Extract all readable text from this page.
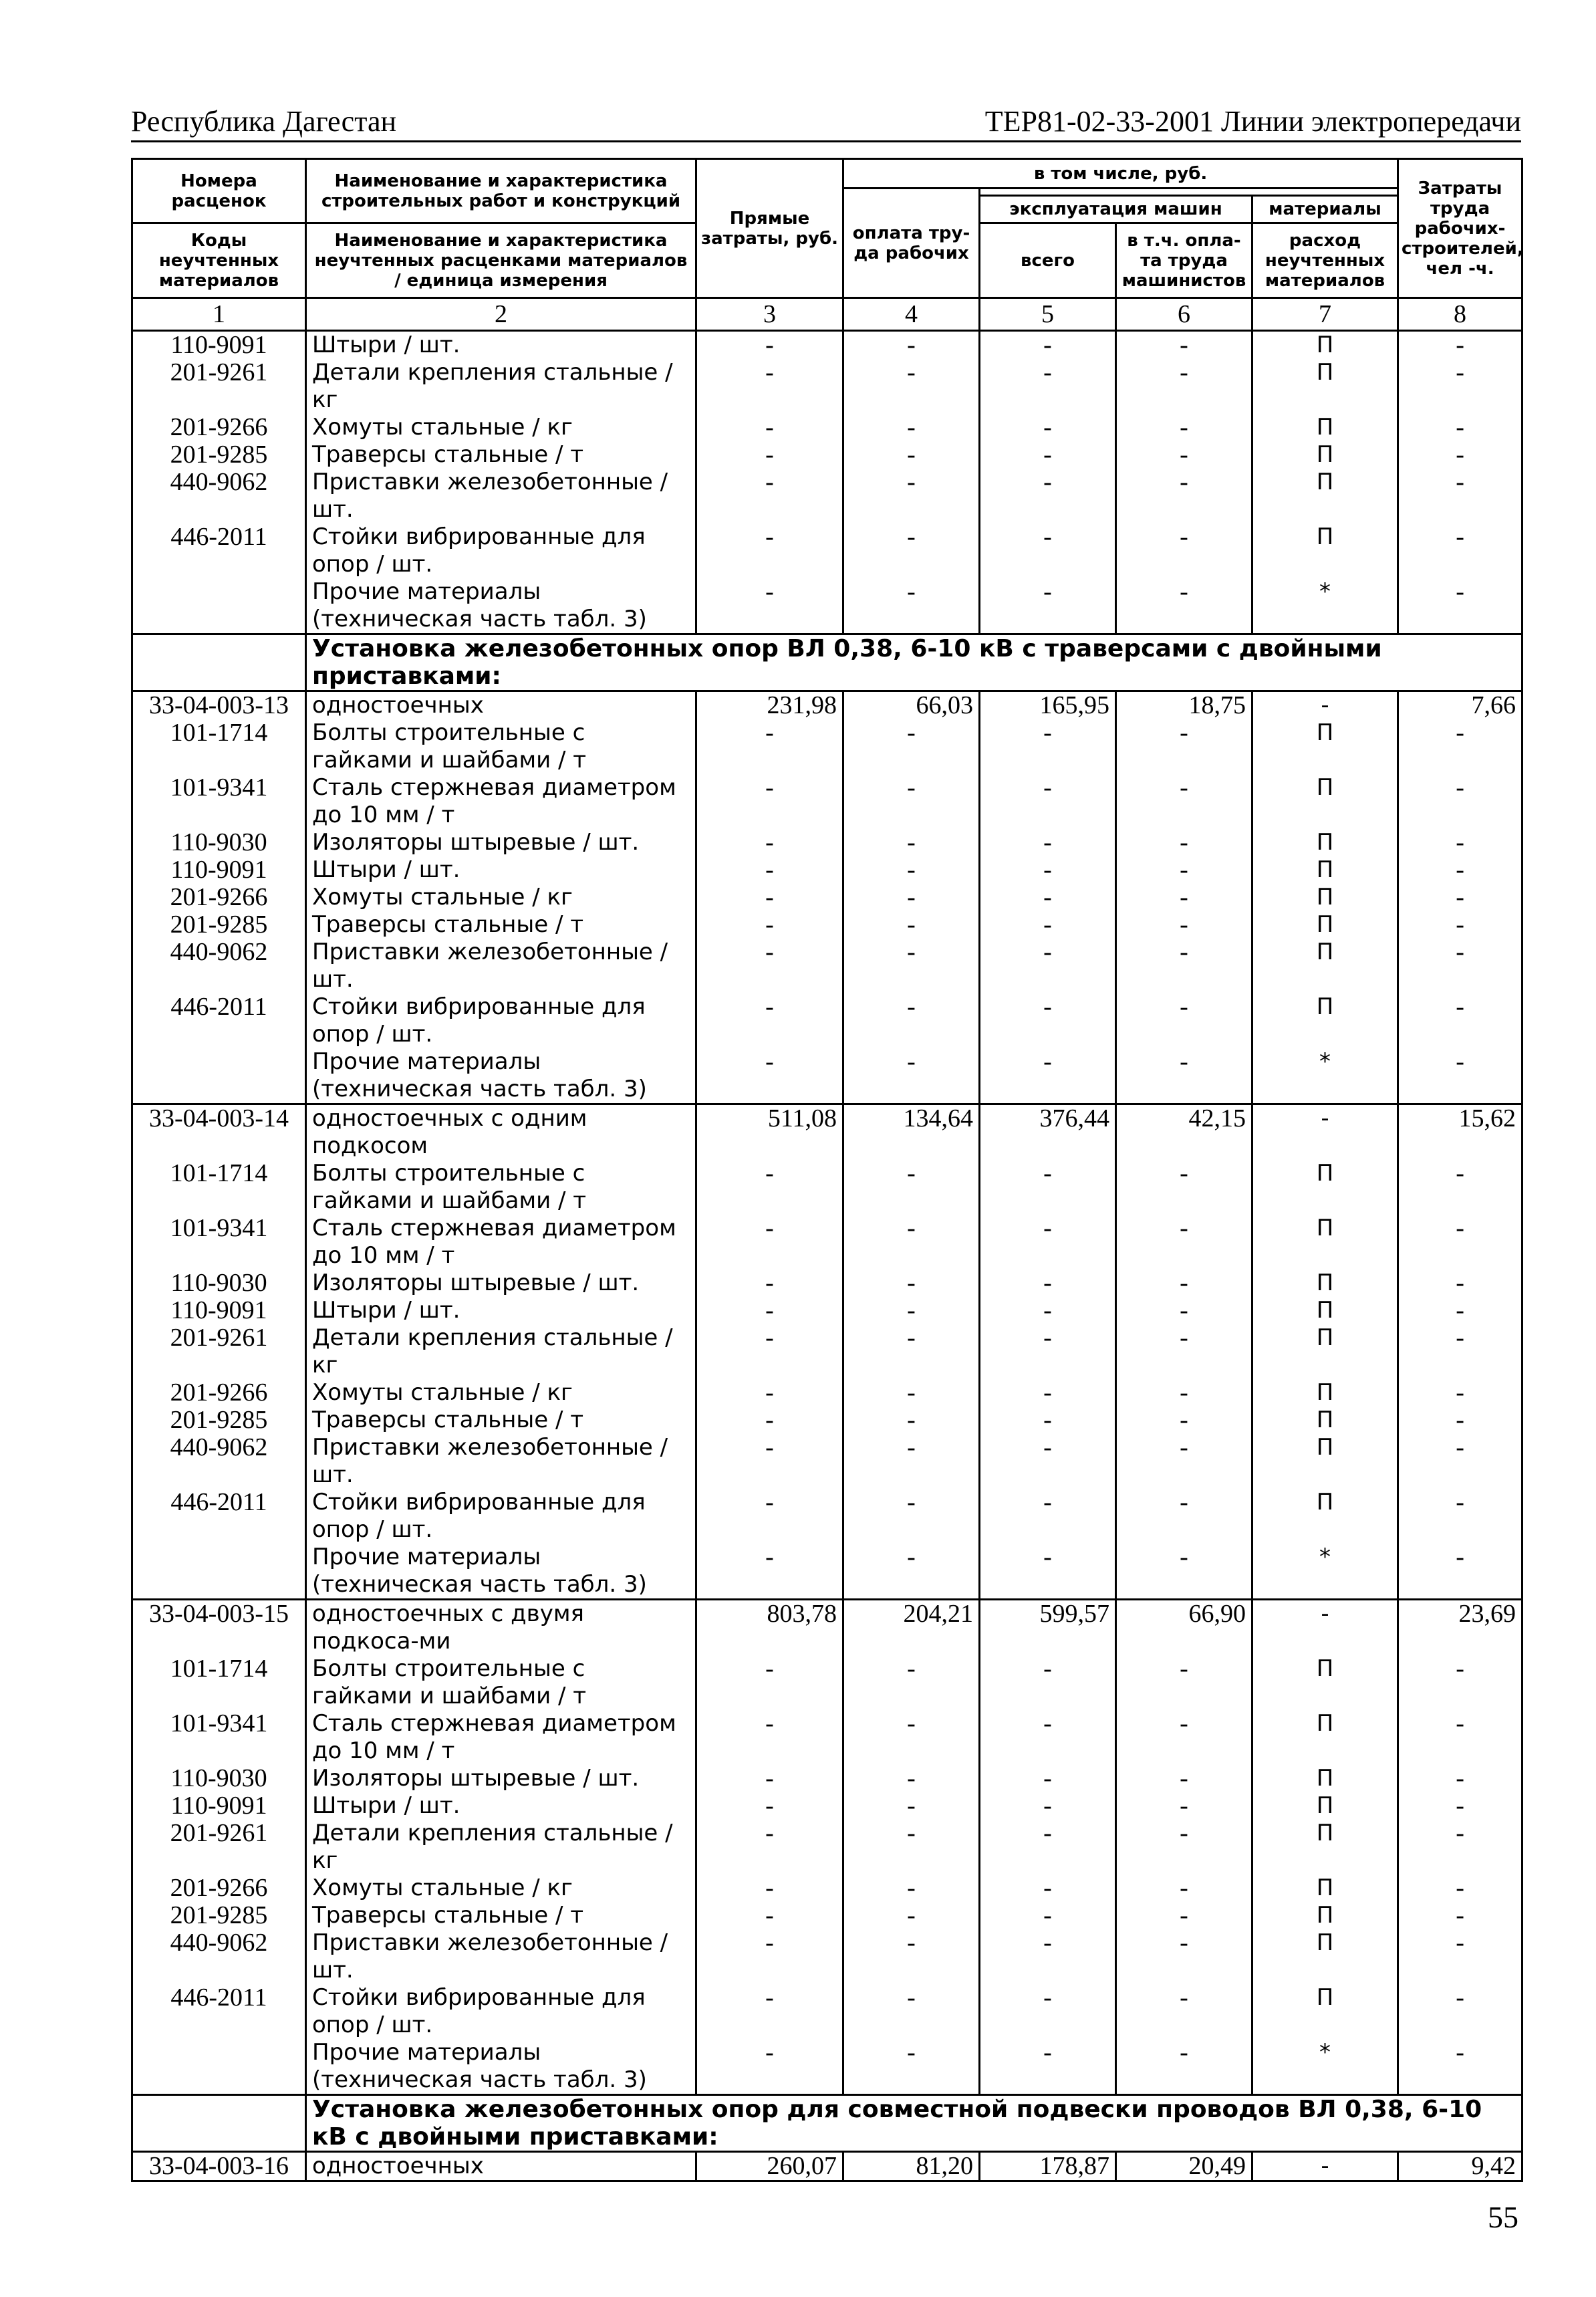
Республика Дагестан	ТЕР81-02-33-2001 Линии электропередачи
Номера расценок	Наименование и характеристика строительных работ и конструкций	Прямые затраты, руб.	в том числе, руб.				Затраты труда рабочих-строителей, чел -ч.
			оплата тру-да рабочих				
				эксплуатация машин		материалы	
Коды неучтенных материалов	Наименование и характеристика неучтенных расценками материалов / единица измерения			всего	в т.ч. опла-та труда машинистов	расход неучтенных материалов	

1	2	3	4	5	6	7	8
110-9091	Штыри / шт.	-	-	-	-	П	-
201-9261	Детали крепления стальные / кг	-	-	-	-	П	-
201-9266	Хомуты стальные / кг	-	-	-	-	П	-
201-9285	Траверсы стальные / т	-	-	-	-	П	-
440-9062	Приставки железобетонные /шт.	-	-	-	-	П	-
446-2011	Стойки вибрированные для опор / шт.	-	-	-	-	П	-
	Прочие материалы (техническая часть табл. 3)	-	-	-	-	*	-
	Установка железобетонных опор ВЛ 0,38, 6-10 кВ с траверсами с двойными приставками:						
33-04-003-13	одностоечных	231,98	66,03	165,95	18,75	-	7,66
101-1714	Болты строительные с гайками и шайбами / т	-	-	-	-	П	-
101-9341	Сталь стержневая диаметром до 10 мм / т	-	-	-	-	П	-
110-9030	Изоляторы штыревые / шт.	-	-	-	-	П	-
110-9091	Штыри / шт.	-	-	-	-	П	-
201-9266	Хомуты стальные / кг	-	-	-	-	П	-
201-9285	Траверсы стальные / т	-	-	-	-	П	-
440-9062	Приставки железобетонные /шт.	-	-	-	-	П	-
446-2011	Стойки вибрированные для опор / шт.	-	-	-	-	П	-
	Прочие материалы (техническая часть табл. 3)	-	-	-	-	*	-
33-04-003-14	одностоечных с одним подкосом	511,08	134,64	376,44	42,15	-	15,62
101-1714	Болты строительные с гайками и шайбами / т	-	-	-	-	П	-
101-9341	Сталь стержневая диаметром до 10 мм / т	-	-	-	-	П	-
110-9030	Изоляторы штыревые / шт.	-	-	-	-	П	-
110-9091	Штыри / шт.	-	-	-	-	П	-
201-9261	Детали крепления стальные / кг	-	-	-	-	П	-
201-9266	Хомуты стальные / кг	-	-	-	-	П	-
201-9285	Траверсы стальные / т	-	-	-	-	П	-
440-9062	Приставки железобетонные /шт.	-	-	-	-	П	-
446-2011	Стойки вибрированные для опор / шт.	-	-	-	-	П	-
	Прочие материалы (техническая часть табл. 3)	-	-	-	-	*	-
33-04-003-15	одностоечных с двумя подкоса-ми	803,78	204,21	599,57	66,90	-	23,69
101-1714	Болты строительные с гайками и шайбами / т	-	-	-	-	П	-
101-9341	Сталь стержневая диаметром до 10 мм / т	-	-	-	-	П	-
110-9030	Изоляторы штыревые / шт.	-	-	-	-	П	-
110-9091	Штыри / шт.	-	-	-	-	П	-
201-9261	Детали крепления стальные / кг	-	-	-	-	П	-
201-9266	Хомуты стальные / кг	-	-	-	-	П	-
201-9285	Траверсы стальные / т	-	-	-	-	П	-
440-9062	Приставки железобетонные /шт.	-	-	-	-	П	-
446-2011	Стойки вибрированные для опор / шт.	-	-	-	-	П	-
	Прочие материалы (техническая часть табл. 3)	-	-	-	-	*	-
	Установка железобетонных опор для совместной подвески проводов ВЛ 0,38, 6-10 кВ с двойными приставками:						
33-04-003-16	одностоечных	260,07	81,20	178,87	20,49	-	9,42
55
